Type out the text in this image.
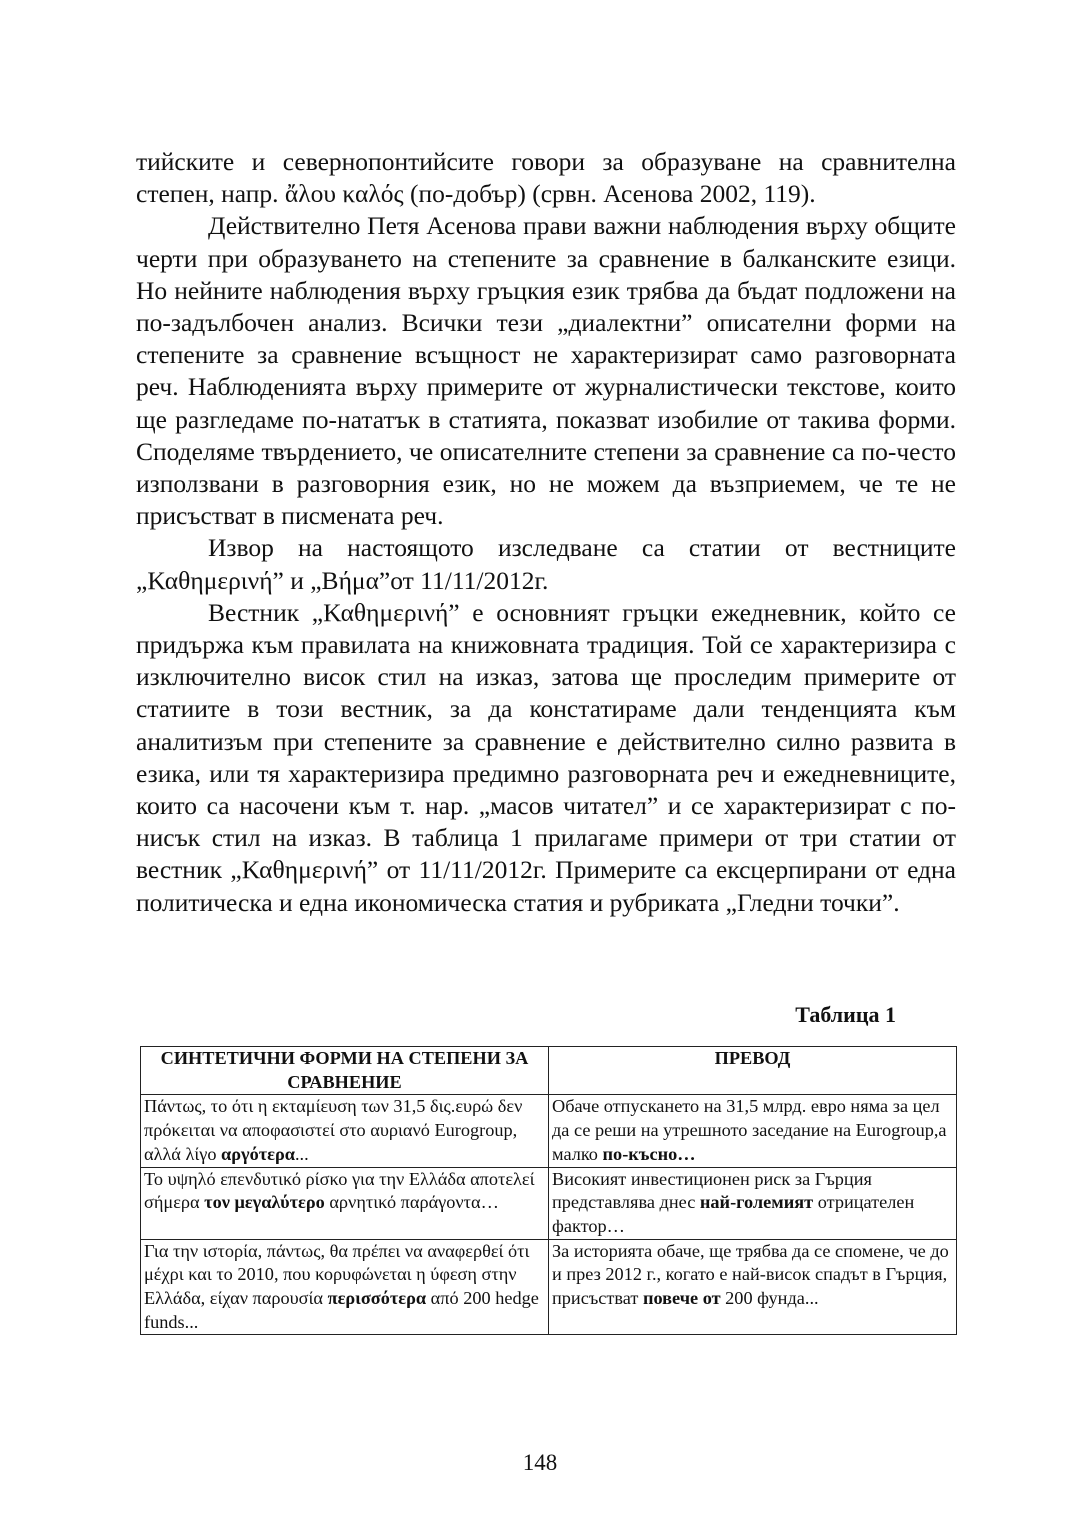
тийските и севернопонтийсите говори за образуване на сравнителна степен, напр. ἄλου καλός (по-добър) (срвн. Асенова 2002, 119).

Действително Петя Асенова прави важни наблюдения върху общите черти при образуването на степените за сравнение в балканските езици. Но нейните наблюдения върху гръцкия език трябва да бъдат подложени на по-задълбочен анализ. Всички тези „диалектни” описателни форми на степените за сравнение всъщност не характеризират само разговорната реч. Наблюденията върху примерите от журналистически текстове, които ще разгледаме по-нататък в статията, показват изобилие от такива форми. Споделяме твърдението, че описателните степени за сравнение са по-често използвани в разговорния език, но не можем да възприемем, че те не присъстват в писмената реч.

Извор на настоящото изследване са статии от вестниците „Καθημερινή” и „Βήμα”от 11/11/2012г.

Вестник „Καθημερινή” е основният гръцки ежедневник, който се придържа към правилата на книжовната традиция. Той се характеризира с изключително висок стил на изказ, затова ще проследим примерите от статиите в този вестник, за да констатираме дали тенденцията към аналитизъм при степените за сравнение е действително силно развита в езика, или тя характеризира предимно разговорната реч и ежедневниците, които са насочени към т. нар. „масов читател” и се характеризират с по-нисък стил на изказ. В таблица 1 прилагаме примери от три статии от вестник „Καθημερινή” от 11/11/2012г. Примерите са ексцерпирани от една политическа и една икономическа статия и рубриката „Гледни точки”.

Таблица 1
СИНТЕТИЧНИ ФОРМИ НА СТЕПЕНИ ЗА СРАВНЕНИЕ	ПРЕВОД
Πάντως, το ότι η εκταμίευση των 31,5 δις.ευρώ δεν πρόκειται να αποφασιστεί στο αυριανό Eurogroup, αλλά λίγο αργότερα...	Обаче отпускането на 31,5 млрд. евро няма за цел да се реши на утрешното заседание на Eurogroup,а малко по-късно…
Το υψηλό επενδυτικό ρίσκο για την Ελλάδα αποτελεί σήμερα τον μεγαλύτερο αρνητικό παράγοντα…	Високият инвестиционен риск за Гърция представлява днес най-големият отрицателен фактор…
Για την ιστορία, πάντως, θα πρέπει να αναφερθεί ότι μέχρι και το 2010, που κορυφώνεται η ύφεση στην Ελλάδα, είχαν παρουσία περισσότερα από 200 hedge funds...	За историята обаче, ще трябва да се спомене, че до и през 2012 г., когато е най-висок спадът в Гърция, присъстват повече от 200 фунда...
148
